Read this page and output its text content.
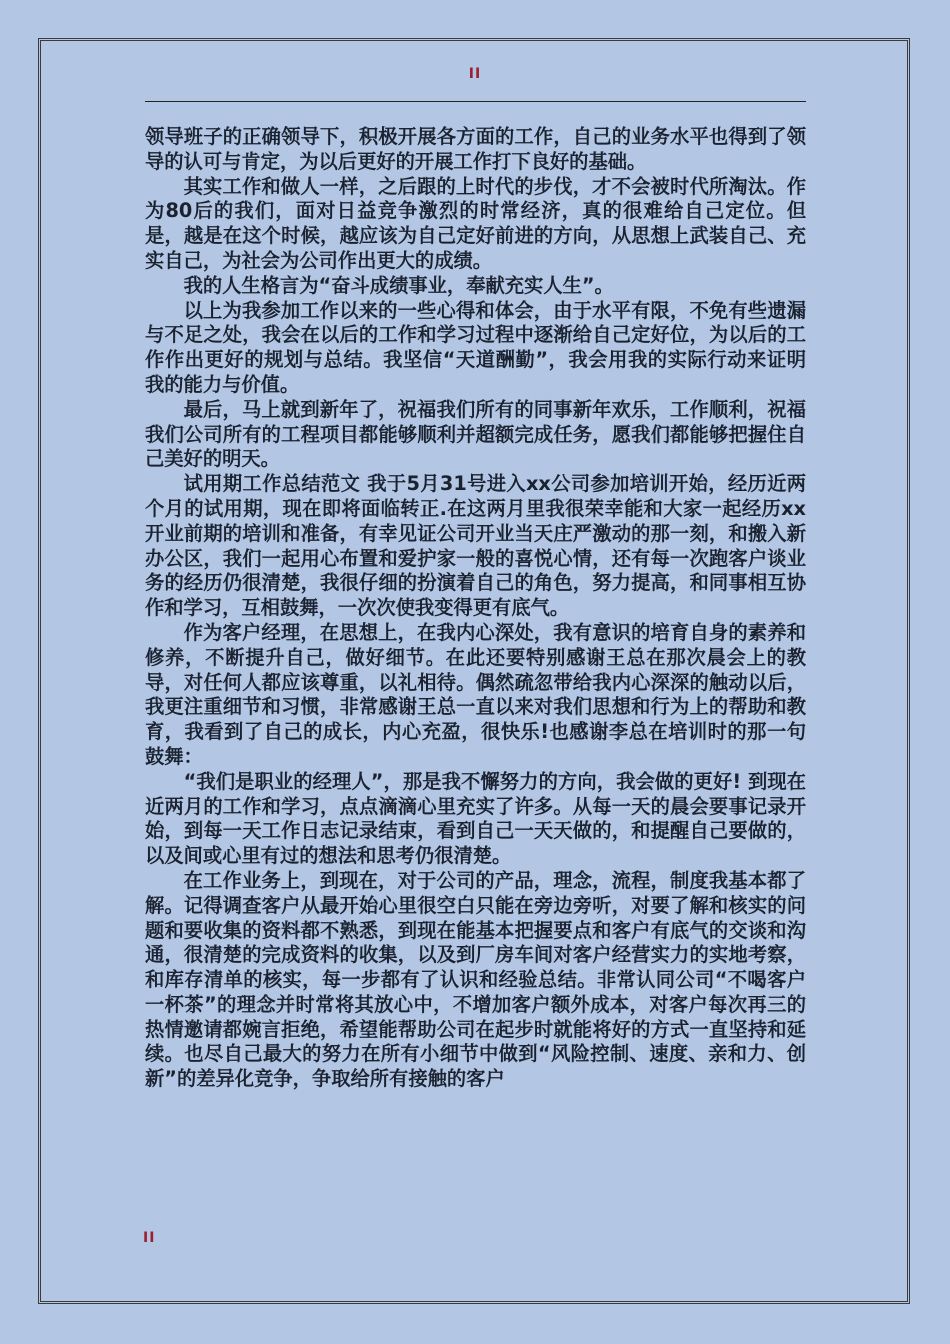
II

领导班子的正确领导下，积极开展各方面的工作，自己的业务水平也得到了领导的认可与肯定，为以后更好的开展工作打下良好的基础。

其实工作和做人一样，之后跟的上时代的步伐，才不会被时代所淘汰。作为80后的我们，面对日益竞争激烈的时常经济，真的很难给自己定位。但是，越是在这个时候，越应该为自己定好前进的方向，从思想上武装自己、充实自己，为社会为公司作出更大的成绩。

我的人生格言为“奋斗成绩事业，奉献充实人生”。

以上为我参加工作以来的一些心得和体会，由于水平有限，不免有些遗漏与不足之处，我会在以后的工作和学习过程中逐渐给自己定好位，为以后的工作作出更好的规划与总结。我坚信“天道酬勤”，我会用我的实际行动来证明我的能力与价值。

最后，马上就到新年了，祝福我们所有的同事新年欢乐，工作顺利，祝福我们公司所有的工程项目都能够顺利并超额完成任务，愿我们都能够把握住自己美好的明天。

试用期工作总结范文 我于5月31号进入xx公司参加培训开始，经历近两个月的试用期，现在即将面临转正.在这两月里我很荣幸能和大家一起经历xx开业前期的培训和准备，有幸见证公司开业当天庄严激动的那一刻，和搬入新办公区，我们一起用心布置和爱护家一般的喜悦心情，还有每一次跑客户谈业务的经历仍很清楚，我很仔细的扮演着自己的角色，努力提高，和同事相互协作和学习，互相鼓舞，一次次使我变得更有底气。

作为客户经理，在思想上，在我内心深处，我有意识的培育自身的素养和修养，不断提升自己，做好细节。在此还要特别感谢王总在那次晨会上的教导，对任何人都应该尊重，以礼相待。偶然疏忽带给我内心深深的触动以后，我更注重细节和习惯，非常感谢王总一直以来对我们思想和行为上的帮助和教育，我看到了自己的成长，内心充盈，很快乐!也感谢李总在培训时的那一句鼓舞：

“我们是职业的经理人”，那是我不懈努力的方向，我会做的更好! 到现在近两月的工作和学习，点点滴滴心里充实了许多。从每一天的晨会要事记录开始，到每一天工作日志记录结束，看到自己一天天做的，和提醒自己要做的，以及间或心里有过的想法和思考仍很清楚。

在工作业务上，到现在，对于公司的产品，理念，流程，制度我基本都了解。记得调查客户从最开始心里很空白只能在旁边旁听，对要了解和核实的问题和要收集的资料都不熟悉，到现在能基本把握要点和客户有底气的交谈和沟通，很清楚的完成资料的收集，以及到厂房车间对客户经营实力的实地考察，和库存清单的核实，每一步都有了认识和经验总结。非常认同公司“不喝客户一杯茶”的理念并时常将其放心中，不增加客户额外成本，对客户每次再三的热情邀请都婉言拒绝，希望能帮助公司在起步时就能将好的方式一直坚持和延续。也尽自己最大的努力在所有小细节中做到“风险控制、速度、亲和力、创新”的差异化竞争，争取给所有接触的客户

II
